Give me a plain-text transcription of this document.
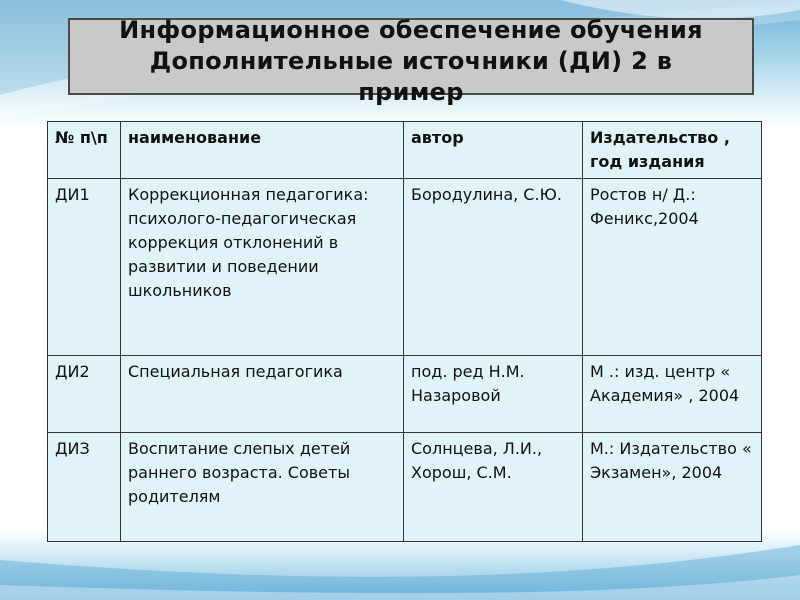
Информационное обеспечение обучения
Дополнительные источники (ДИ) 2 в
пример
№ п\п	наименование	автор	Издательство , год издания
ДИ1	Коррекционная педагогика: психолого-педагогическая коррекция отклонений в развитии и поведении школьников	Бородулина, С.Ю.	Ростов н/ Д.: Феникс,2004
ДИ2	Специальная педагогика	под. ред Н.М. Назаровой	М .: изд. центр « Академия» , 2004
ДИЗ	Воспитание слепых детей раннего возраста. Советы родителям	Солнцева, Л.И., Хорош, С.М.	М.: Издательство « Экзамен», 2004
